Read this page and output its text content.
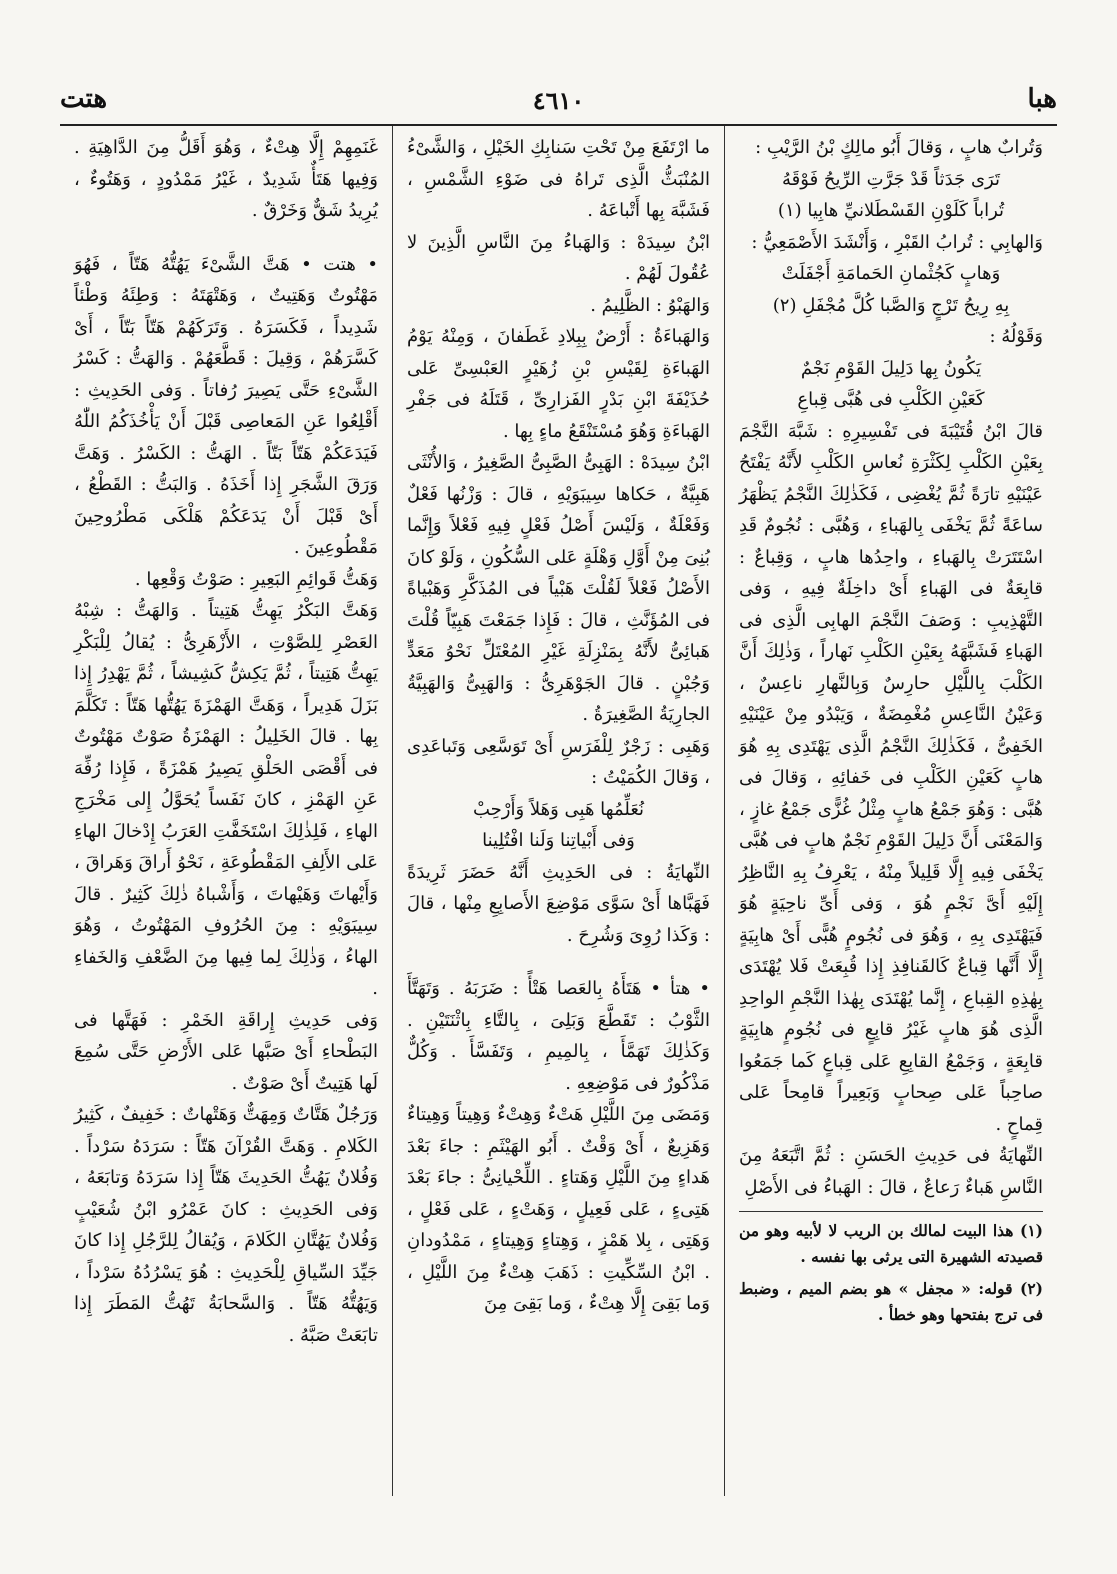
هبا
٤٦١٠
هتت

وَتُرابٌ هابٍ ، وَقالَ أَبُو مالِكٍ بْنُ الرَّيْبِ :

تَرَى جَدَثاً قَدْ جَرَّتِ الرِّيحُ فَوْقَهُ

تُراباً كَلَوْنِ القَسْطَلانيِّ هابِيا (١)

وَالهابِي : تُرابُ القَبْرِ ، وَأَنْشَدَ الأَصْمَعِيُّ :

وَهابٍ كَجُثْمانِ الحَمامَةِ أَجْفَلَتْ

بِهِ رِيحُ تَرْجٍ وَالصَّبا كُلَّ مُجْفَلِ (٢)

وَقَوْلُهُ :

يَكُونُ بِها دَلِيلَ القَوْمِ نَجْمٌ

كَعَيْنِ الكَلْبِ فى هُبَّى قِباعِ

قالَ ابْنُ قُتَيْبَةَ فى تَفْسِيرِهِ : شَبَّهَ النَّجْمَ بِعَيْنِ الكَلْبِ لِكَثْرَةِ نُعاسِ الكَلْبِ لأَنَّهُ يَفْتَحُ عَيْنَيْهِ تارَةً ثُمَّ يُغْضِى ، فَكَذٰلِكَ النَّجْمُ يَظْهَرُ ساعَةً ثُمَّ يَخْفَى بِالهَباءِ ، وَهُبَّى : نُجُومٌ قَدِ اسْتَتَرَتْ بِالهَباءِ ، واحِدُها هابٍ ، وَقِباعٌ : قابِعَةٌ فى الهَباءِ أَىْ داخِلَةٌ فِيهِ ، وَفى التَّهْذِيبِ : وَصَفَ النَّجْمَ الهابِى الَّذِى فى الهَباءِ فَشَبَّهَهُ بِعَيْنِ الكَلْبِ نَهاراً ، وَذٰلِكَ أَنَّ الكَلْبَ بِاللَّيْلِ حارِسٌ وَبِالنَّهارِ ناعِسٌ ، وَعَيْنُ النَّاعِسِ مُغْمِضَةٌ ، وَيَبْدُو مِنْ عَيْنَيْهِ الخَفِىُّ ، فَكَذٰلِكَ النَّجْمُ الَّذِى يَهْتَدِى بِهِ هُوَ هابٍ كَعَيْنِ الكَلْبِ فى خَفائِهِ ، وَقالَ فى هُبَّى : وَهُوَ جَمْعُ هابٍ مِثْلُ غُزًّى جَمْعُ غازٍ ، وَالمَعْنَى أَنَّ دَلِيلَ القَوْمِ نَجْمٌ هابٍ فى هُبَّى يَخْفَى فِيهِ إِلَّا قَلِيلاً مِنْهُ ، يَعْرِفُ بِهِ النَّاظِرُ إِلَيْهِ أَىَّ نَجْمٍ هُوَ ، وَفى أَىِّ ناحِيَةٍ هُوَ فَيَهْتَدِى بِهِ ، وَهُوَ فى نُجُومٍ هُبًّى أَىْ هابِيَةٍ إِلَّا أَنَّها قِباعٌ كَالقَنافِذِ إِذا قُبِعَتْ فَلا يُهْتَدَى بِهٰذِهِ القِباعِ ، إِنَّما يُهْتَدَى بِهٰذا النَّجْمِ الواحِدِ الَّذِى هُوَ هابٍ غَيْرُ قابِعٍ فى نُجُومٍ هابِيَةٍ قابِعَةٍ ، وَجَمْعُ القابِعِ عَلى قِباعٍ كَما جَمَعُوا صاحِباً عَلى صِحابٍ وَبَعِيراً قامِحاً عَلى قِماحٍ .

النِّهايَةُ فى حَدِيثِ الحَسَنِ : ثُمَّ اتَّبَعَهُ مِنَ النَّاسِ هَباءٌ رَعاعٌ ، قالَ : الهَباءُ فى الأَصْلِ

(١) هذا البيت لمالك بن الريب لا لأبيه وهو من قصيدته الشهيرة التى يرثى بها نفسه .

(٢) قوله: « مجفل » هو بضم الميم ، وضبط فى ترج بفتحها وهو خطأ .

ما ارْتَفَعَ مِنْ تَحْتِ سَنابِكِ الخَيْلِ ، وَالشَّىْءُ المُنْبَثُّ الَّذِى تَراهُ فى ضَوْءِ الشَّمْسِ ، فَشَبَّهَ بِها أَتْباعَهُ .

ابْنُ سِيدَهْ : وَالهَباءُ مِنَ النَّاسِ الَّذِينَ لا عُقُولَ لَهُمْ .

وَالهَبْوُ : الظَّلِيمُ .

وَالهَباءَةُ : أَرْضٌ بِبِلادِ غَطَفانَ ، وَمِنْهُ يَوْمُ الهَباءَةِ لِقَيْسِ بْنِ زُهَيْرٍ العَبْسِىِّ عَلى حُذَيْفَةَ ابْنِ بَدْرٍ الفَزارِىِّ ، قَتَلَهُ فى جَفْرِ الهَباءَةِ وَهُوَ مُسْتَنْقَعُ ماءٍ بِها .

ابْنُ سِيدَهْ : الهَبِىُّ الصَّبِىُّ الصَّغِيرُ ، وَالأُنْثَى هَبِيَّةٌ ، حَكاها سِيبَوَيْهِ ، قالَ : وَزْنُها فَعْلٌ وَفَعْلَةٌ ، وَلَيْسَ أَصْلُ فَعْلٍ فِيهِ فَعْلاً وَإِنَّما بُنِىَ مِنْ أَوَّلِ وَهْلَةٍ عَلى السُّكُونِ ، وَلَوْ كانَ الأَصْلُ فَعْلاً لَقُلْتَ هَبْياً فى المُذَكَّرِ وَهَبْياةً فى المُؤَنَّثِ ، قالَ : فَإِذا جَمَعْتَ هَبِيّاً قُلْتَ هَبائِىُّ لأَنَّهُ بِمَنْزِلَةِ غَيْرِ المُعْتَلِّ نَحْوُ مَعَدٍّ وَجُبْنٍ . قالَ الجَوْهَرِىُّ : وَالهَبِىُّ وَالهَبِيَّةُ الجارِيَةُ الصَّغِيرَةُ .

وَهَبِى : زَجْرٌ لِلْفَرَسِ أَىْ تَوَسَّعِى وَتَباعَدِى ، وَقالَ الكُمَيْتُ :

نُعَلِّمُها هَبِى وَهَلاً وَأَرْحِبْ

وَفى أَبْياتِنا وَلَنا افْتُلِينا

النِّهايَةُ : فى الحَدِيثِ أَنَّهُ حَضَرَ ثَرِيدَةً فَهَبَّاها أَىْ سَوَّى مَوْضِعَ الأَصابِعِ مِنْها ، قالَ : وَكَذا رُوِىَ وَشُرِحَ .

• هتأ • هَتَأَهُ بِالعَصا هَتْأً : ضَرَبَهُ . وَتَهَتَّأَ الثَّوْبُ : تَقَطَّعَ وَبَلِىَ ، بِالتَّاءِ بِاثْنَتَيْنِ . وَكَذٰلِكَ تَهَمَّأَ ، بِالمِيمِ ، وَتَفَسَّأَ . وَكُلٌّ مَذْكُورٌ فى مَوْضِعِهِ .

وَمَضَى مِنَ اللَّيْلِ هَتْءٌ وَهِتْءٌ وَهِيتاً وَهِيتاءٌ وَهَزِيعٌ ، أَىْ وَقْتٌ . أَبُو الهَيْثَمِ : جاءَ بَعْدَ هَداءٍ مِنَ اللَّيْلِ وَهَتاءٍ . اللِّحْيانِىُّ : جاءَ بَعْدَ هَتِىءٍ ، عَلى فَعِيلٍ ، وَهَتْءٍ ، عَلى فَعْلٍ ، وَهَتِى ، بِلا هَمْزٍ ، وَهِتاءٍ وَهِيتاءٍ ، مَمْدُودانِ . ابْنُ السِّكِّيتِ : ذَهَبَ هِتْءٌ مِنَ اللَّيْلِ ، وَما بَقِىَ إِلَّا هِتْءٌ ، وَما بَقِىَ مِنَ

غَنَمِهِمْ إِلَّا هِتْءٌ ، وَهُوَ أَقَلُّ مِنَ الدَّاهِيَةِ . وَفِيها هَتَأٌ شَدِيدٌ ، غَيْرُ مَمْدُودٍ ، وَهَتُوءٌ ، يُرِيدُ شَقٌّ وَخَرْقٌ .

• هتت • هَتَّ الشَّىْءَ يَهُتُّهُ هَتّاً ، فَهُوَ مَهْتُوتٌ وَهَتِيتٌ ، وَهَتْهَتَهُ : وَطِئَهُ وَطْئاً شَدِيداً ، فَكَسَرَهُ . وَتَرَكَهُمْ هَتّاً بَتّاً ، أَىْ كَسَّرَهُمْ ، وَقِيلَ : قَطَّعَهُمْ . وَالهَتُّ : كَسْرُ الشَّىْءِ حَتَّى يَصِيرَ رُفاتاً . وَفى الحَدِيثِ : أَقْلِعُوا عَنِ المَعاصِى قَبْلَ أَنْ يَأْخُذَكُمُ اللّٰهُ فَيَدَعَكُمْ هَتّاً بَتّاً . الهَتُّ : الكَسْرُ . وَهَتَّ وَرَقَ الشَّجَرِ إِذا أَخَذَهُ . وَالبَتُّ : القَطْعُ ، أَىْ قَبْلَ أَنْ يَدَعَكُمْ هَلْكَى مَطْرُوحِينَ مَقْطُوعِينَ .

وَهَتُّ قَوائِمِ البَعِيرِ : صَوْتُ وَقْعِها .

وَهَتَّ البَكْرُ يَهِتُّ هَتِيتاً . وَالهَتُّ : شِبْهُ العَصْرِ لِلصَّوْتِ ، الأَزْهَرِىُّ : يُقالُ لِلْبَكْرِ يَهِتُّ هَتِيتاً ، ثُمَّ يَكِشُّ كَشِيشاً ، ثُمَّ يَهْدِرُ إِذا بَزَلَ هَدِيراً ، وَهَتَّ الهَمْزَةَ يَهُتُّها هَتّاً : تَكَلَّمَ بِها . قالَ الخَلِيلُ : الهَمْزَةُ صَوْتٌ مَهْتُوتٌ فى أَقْصَى الحَلْقِ يَصِيرُ هَمْزَةً ، فَإِذا رُفِّهَ عَنِ الهَمْزِ ، كانَ نَفَساً يُحَوَّلُ إِلى مَخْرَجِ الهاءِ ، فَلِذٰلِكَ اسْتَخَفَّتِ العَرَبُ إِدْخالَ الهاءِ عَلى الأَلِفِ المَقْطُوعَةِ ، نَحْوُ أَراقَ وَهَراقَ ، وَأَيْهاتَ وَهَيْهاتَ ، وَأَشْباهُ ذٰلِكَ كَثِيرٌ . قالَ سِيبَوَيْهِ : مِنَ الحُرُوفِ المَهْتُوتُ ، وَهُوَ الهاءُ ، وَذٰلِكَ لِما فِيها مِنَ الضَّعْفِ وَالخَفاءِ .

وَفى حَدِيثِ إِراقَةِ الخَمْرِ : فَهَتَّها فى البَطْحاءِ أَىْ صَبَّها عَلى الأَرْضِ حَتَّى سُمِعَ لَها هَتِيتٌ أَىْ صَوْتٌ .

وَرَجُلٌ هَتَّاتٌ وَمِهَتٌّ وَهَتْهاتٌ : خَفِيفٌ ، كَثِيرُ الكَلامِ . وَهَتَّ القُرْآنَ هَتّاً : سَرَدَهُ سَرْداً . وَفُلانٌ يَهُتُّ الحَدِيثَ هَتّاً إِذا سَرَدَهُ وَتابَعَهُ ، وَفى الحَدِيثِ : كانَ عَمْرُو ابْنُ شُعَيْبٍ وَفُلانٌ يَهُتَّانِ الكَلامَ ، وَيُقالُ لِلرَّجُلِ إِذا كانَ جَيِّدَ السِّياقِ لِلْحَدِيثِ : هُوَ يَسْرُدُهُ سَرْداً ، وَيَهُتُّهُ هَتّاً . وَالسَّحابَةُ تَهُتُّ المَطَرَ إِذا تابَعَتْ صَبَّهُ .
